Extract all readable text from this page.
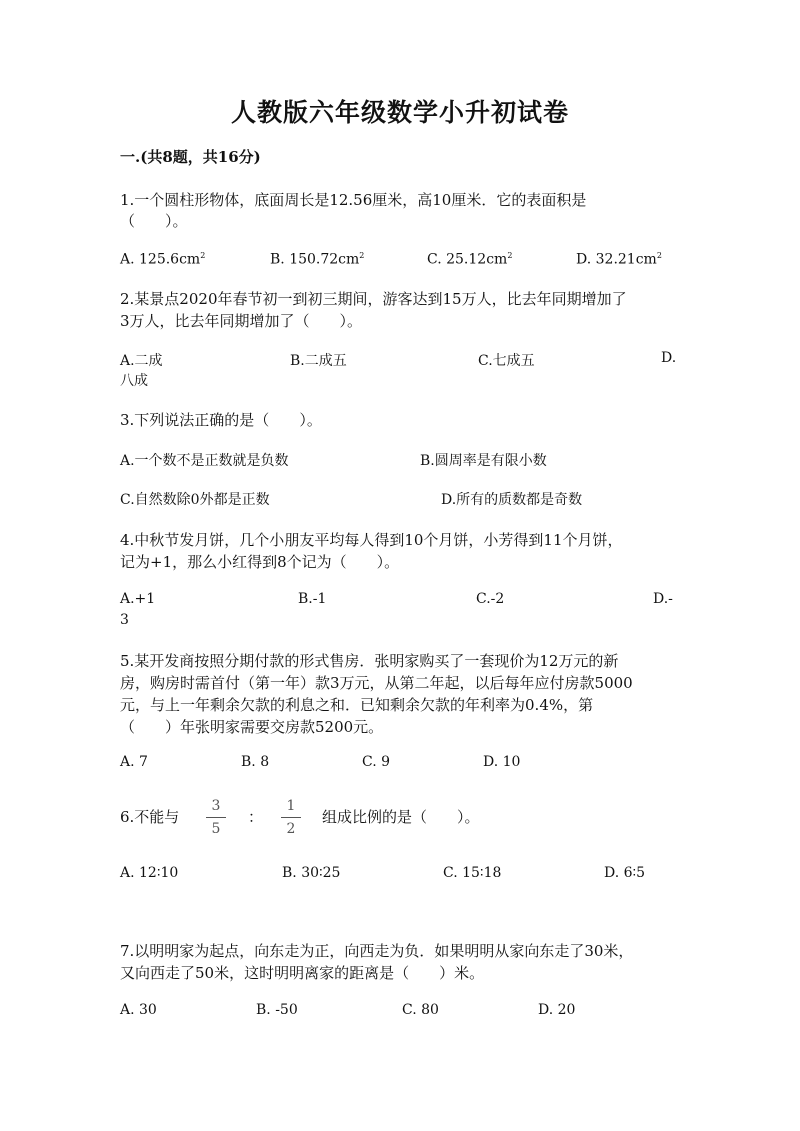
人教版六年级数学小升初试卷
一.(共8题，共16分)
1.一个圆柱形物体，底面周长是12.56厘米，高10厘米．它的表面积是
（　　）。
A. $125.6cm^2$	B. $150.72cm^2$	C. $25.12cm^2$	D. $32.21cm^2$
2.某景点2020年春节初一到初三期间，游客达到15万人，比去年同期增加了
3万人，比去年同期增加了（　　）。
A.二成	B.二成五	C.七成五	D.
八成
3.下列说法正确的是（　　）。
A.一个数不是正数就是负数	B.圆周率是有限小数
C.自然数除0外都是正数	D.所有的质数都是奇数
4.中秋节发月饼，几个小朋友平均每人得到10个月饼，小芳得到11个月饼，
记为+1，那么小红得到8个记为（　　）。
A.+1	B.-1	C.-2	D.-
3
5.某开发商按照分期付款的形式售房．张明家购买了一套现价为12万元的新
房，购房时需首付（第一年）款3万元，从第二年起，以后每年应付房款5000
元，与上一年剩余欠款的利息之和．已知剩余欠款的年利率为0.4%，第
（　　）年张明家需要交房款5200元。
A. 7	B. 8	C. 9	D. 10
6.不能与
3
5
：
1
2
组成比例的是（　　）。
A. 12∶10	B. 30∶25	C. 15∶18	D. 6∶5
7.以明明家为起点，向东走为正，向西走为负．如果明明从家向东走了30米，
又向西走了50米，这时明明离家的距离是（　　）米。
A. 30	B. -50	C. 80	D. 20
